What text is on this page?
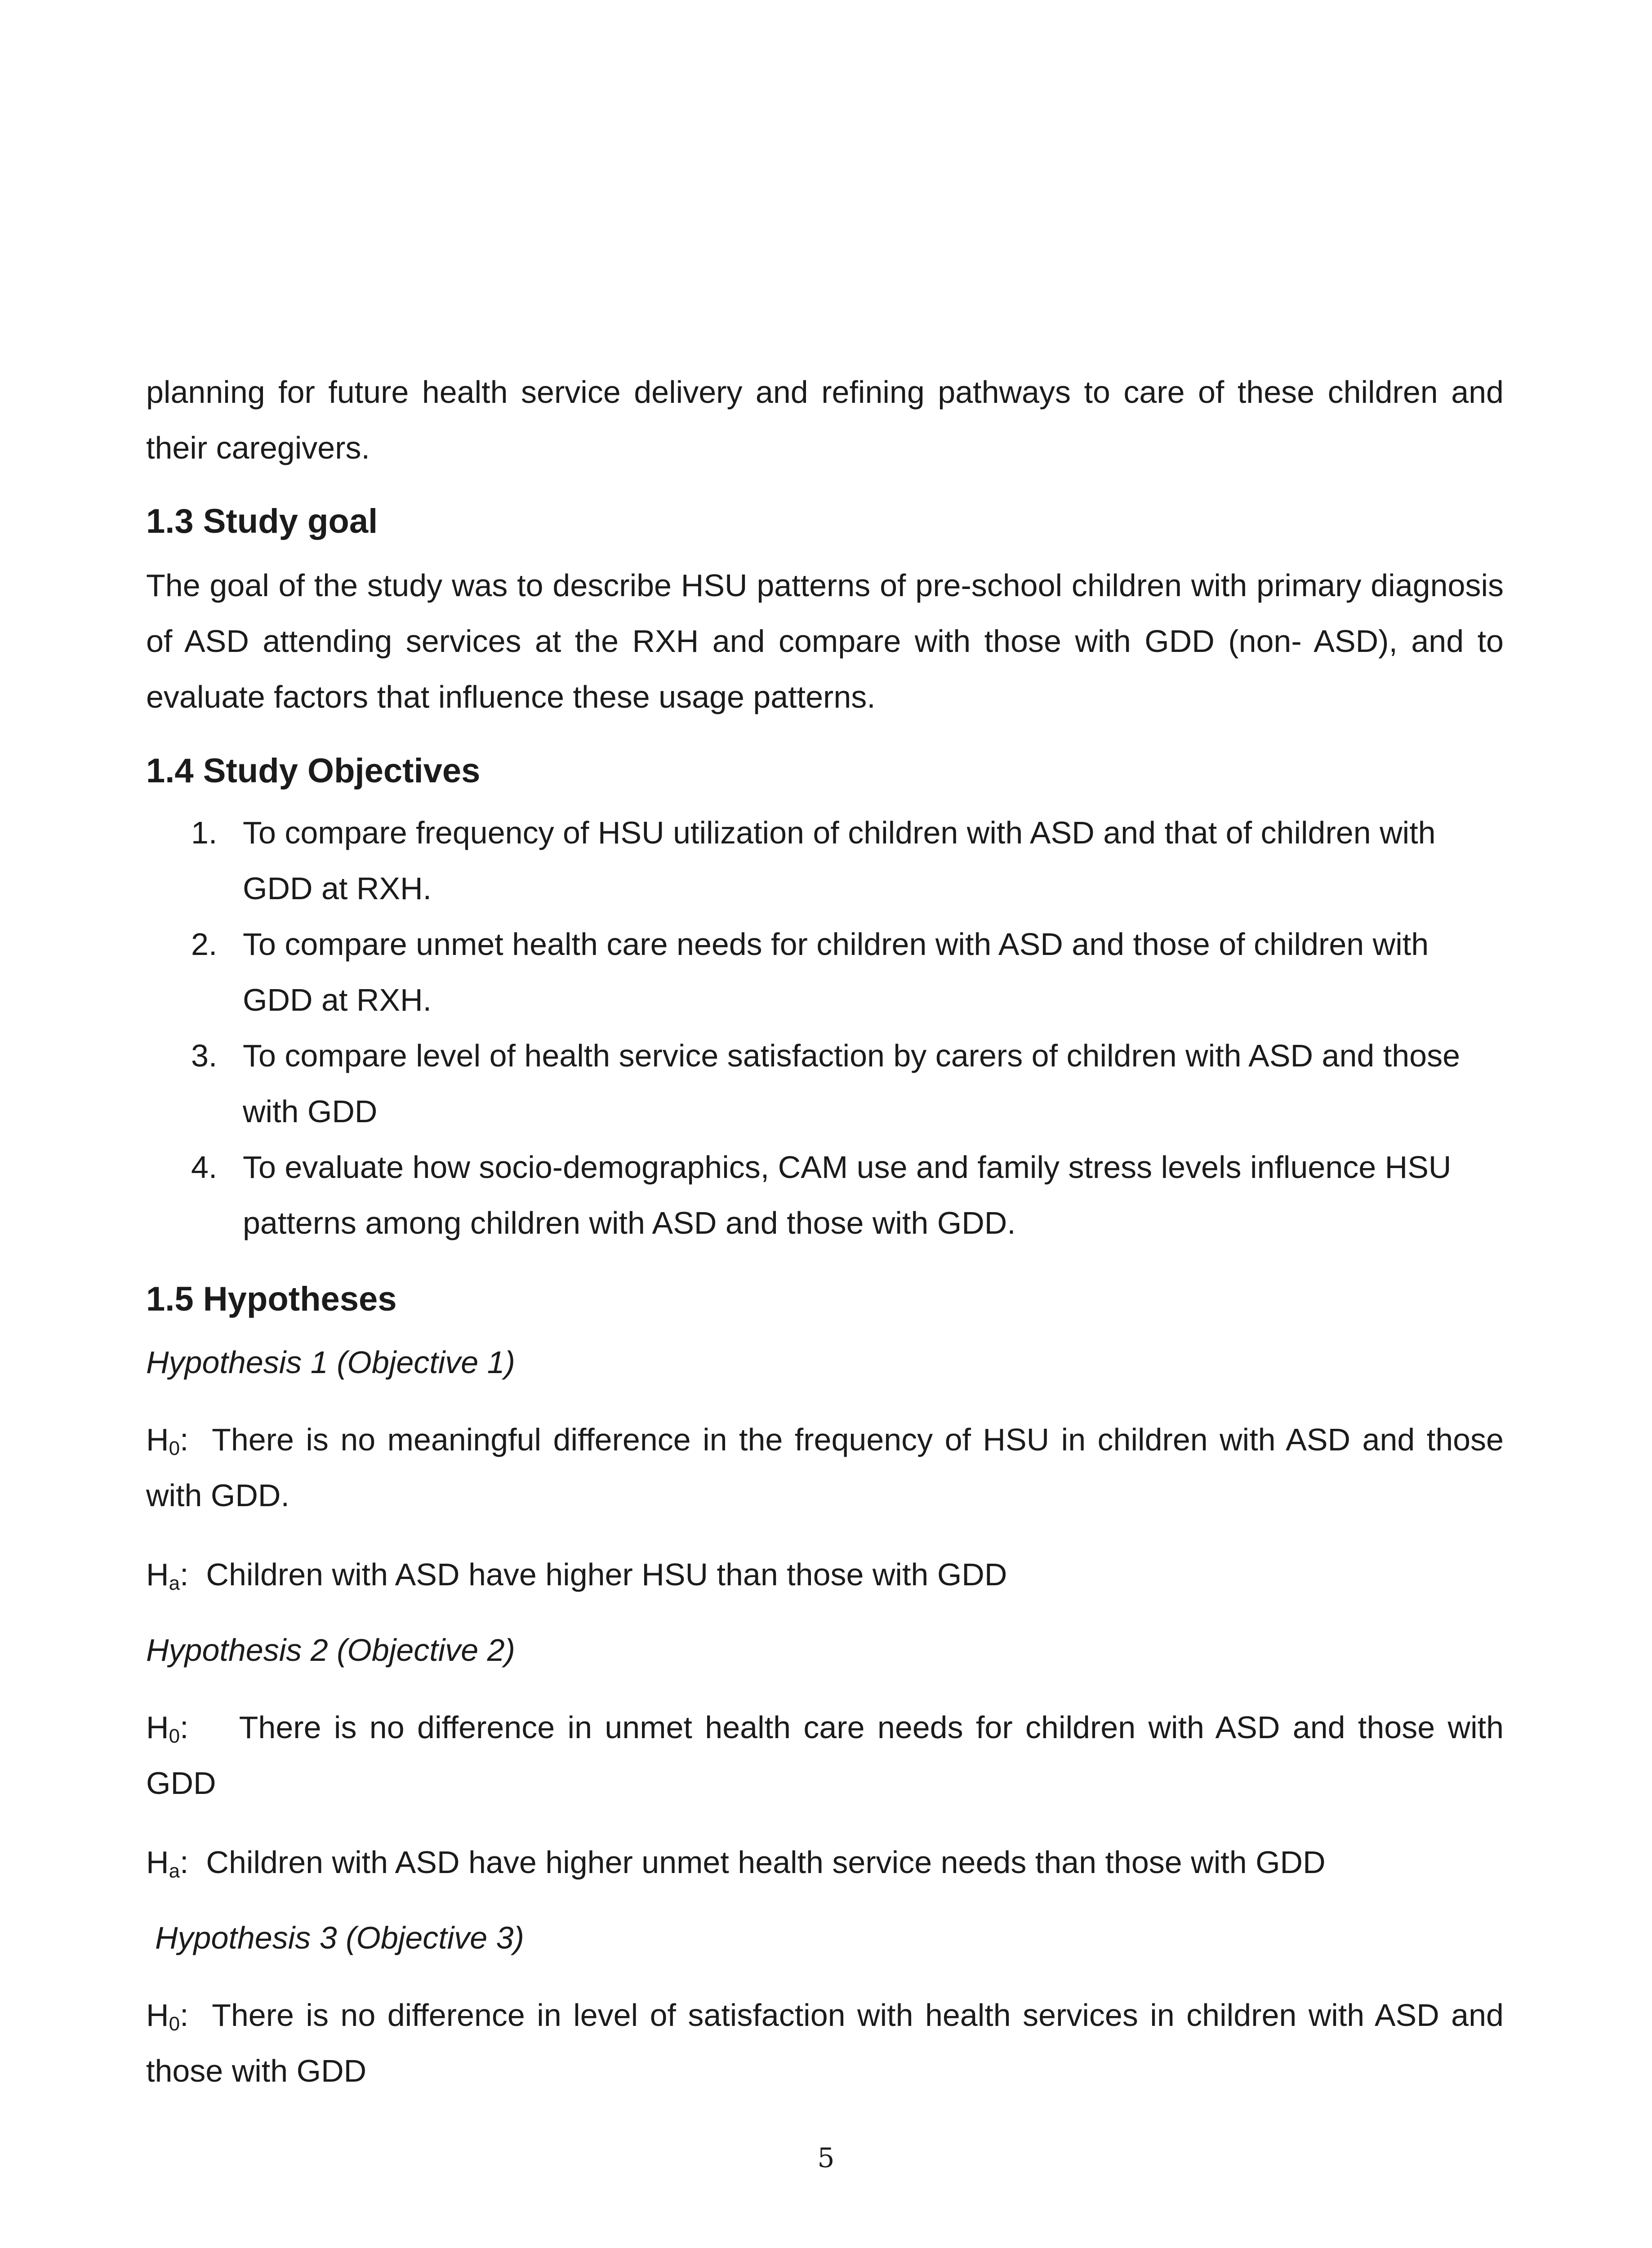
planning for future health service delivery and refining pathways to care of these children and their caregivers.

1.3 Study goal

The goal of the study was to describe HSU patterns of pre-school children with primary diagnosis of ASD attending services at the RXH and compare with those with GDD (non- ASD), and to evaluate factors that influence these usage patterns.

1.4 Study Objectives
1. To compare frequency of HSU utilization of children with ASD and that of children with GDD at RXH.
2. To compare unmet health care needs for children with ASD and those of children with GDD at RXH.
3. To compare level of health service satisfaction by carers of children with ASD and those with GDD
4. To evaluate how socio-demographics, CAM use and family stress levels influence HSU patterns among children with ASD and those with GDD.
1.5 Hypotheses

Hypothesis 1 (Objective 1)

$H_0$:  There is no meaningful difference in the frequency of HSU in children with ASD and those with GDD.

$H_a$:  Children with ASD have higher HSU than those with GDD

Hypothesis 2 (Objective 2)

$H_0$:    There is no difference in unmet health care needs for children with ASD and those with GDD

$H_a$:  Children with ASD have higher unmet health service needs than those with GDD

Hypothesis 3 (Objective 3)

$H_0$:  There is no difference in level of satisfaction with health services in children with ASD and those with GDD

5
